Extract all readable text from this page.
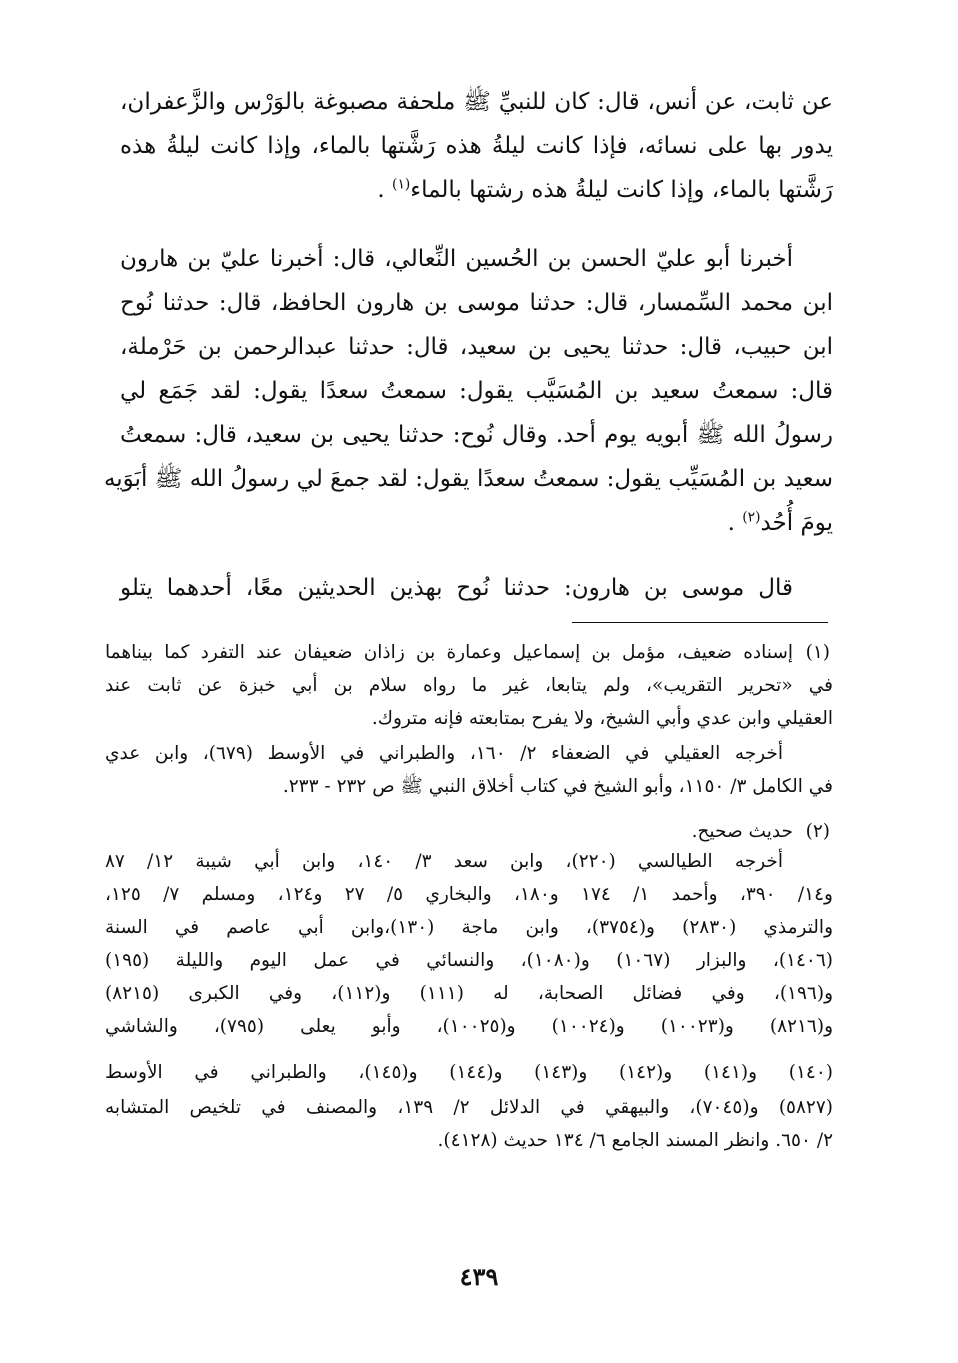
عن ثابت، عن أنس، قال: كان للنبيِّ ﷺ ملحفة مصبوغة بالوَرْس والزَّعفران،
يدور بها على نسائه، فإذا كانت ليلةُ هذه رَشَّتها بالماء، وإذا كانت ليلةُ هذه
رَشَّتها بالماء، وإذا كانت ليلةُ هذه رشتها بالماء$^{(١)}$ .
أخبرنا أبو عليّ الحسن بن الحُسين النِّعالي، قال: أخبرنا عليّ بن هارون
ابن محمد السِّمسار، قال: حدثنا موسى بن هارون الحافظ، قال: حدثنا نُوح
ابن حبيب، قال: حدثنا يحيى بن سعيد، قال: حدثنا عبدالرحمن بن حَرْملة،
قال: سمعتُ سعيد بن المُسَيَّب يقول: سمعتُ سعدًا يقول: لقد جَمَع لي
رسولُ الله ﷺ أبويه يوم أحد. وقال نُوح: حدثنا يحيى بن سعيد، قال: سمعتُ
سعيد بن المُسَيِّب يقول: سمعتُ سعدًا يقول: لقد جمعَ لي رسولُ الله ﷺ أبَوَيه
يومَ أُحُد$^{(٢)}$ .
قال موسى بن هارون: حدثنا نُوح بهذين الحديثين معًا، أحدهما يتلو
(١)
إسناده ضعيف، مؤمل بن إسماعيل وعمارة بن زاذان ضعيفان عند التفرد كما بيناهما
في «تحرير التقريب»، ولم يتابعا، غير ما رواه سلام بن أبي خبزة عن ثابت عند
العقيلي وابن عدي وأبي الشيخ، ولا يفرح بمتابعته فإنه متروك.
أخرجه العقيلي في الضعفاء ٢/ ١٦٠، والطبراني في الأوسط (٦٧٩)، وابن عدي
في الكامل ٣/ ١١٥٠، وأبو الشيخ في كتاب أخلاق النبي ﷺ ص ٢٣٢ - ٢٣٣.
(٢)
حديث صحيح.
أخرجه الطيالسي (٢٢٠)، وابن سعد ٣/ ١٤٠، وابن أبي شيبة ١٢/ ٨٧
و١٤/ ٣٩٠، وأحمد ١/ ١٧٤ و١٨٠، والبخاري ٥/ ٢٧ و١٢٤، ومسلم ٧/ ١٢٥،
والترمذي (٢٨٣٠) و(٣٧٥٤)، وابن ماجة (١٣٠)،وابن أبي عاصم في السنة
(١٤٠٦)، والبزار (١٠٦٧) و(١٠٨٠)، والنسائي في عمل اليوم والليلة (١٩٥)
و(١٩٦)، وفي فضائل الصحابة، له (١١١) و(١١٢)، وفي الكبرى (٨٢١٥)
و(٨٢١٦) و(١٠٠٢٣) و(١٠٠٢٤) و(١٠٠٢٥)، وأبو يعلى (٧٩٥)، والشاشي
(١٤٠) و(١٤١) و(١٤٢) و(١٤٣) و(١٤٤) و(١٤٥)، والطبراني في الأوسط
(٥٨٢٧) و(٧٠٤٥)، والبيهقي في الدلائل ٢/ ١٣٩، والمصنف في تلخيص المتشابه
٢/ ٦٥٠. وانظر المسند الجامع ٦/ ١٣٤ حديث (٤١٢٨).
٤٣٩
